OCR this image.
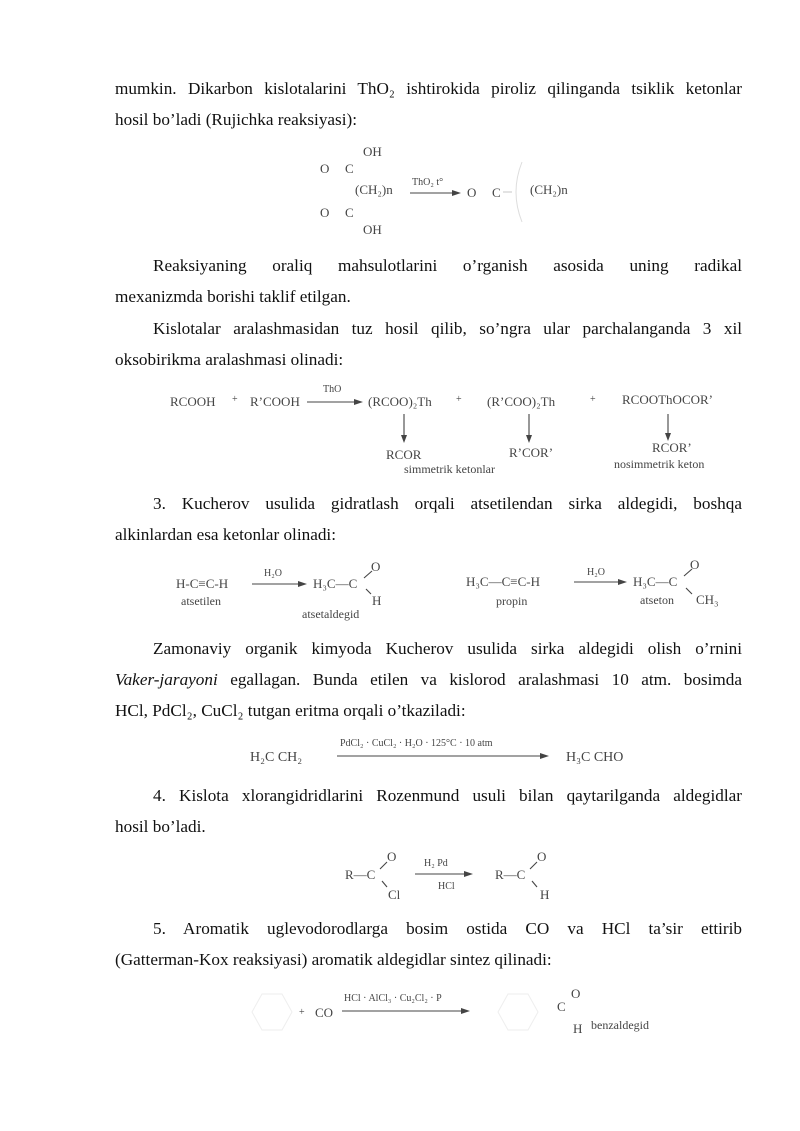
mumkin. Dikarbon kislotalarini ThO₂ ishtirokida piroliz qilinganda tsiklik ketonlar

hosil bo’ladi (Rujichka reaksiyasi):

OH
O C
(CH₂)n
O C
OH
ThO₂ t°
O C (CH₂)n

Reaksiyaning oraliq mahsulotlarini o’rganish asosida uning radikal

mexanizmda borishi taklif etilgan.

Kislotalar aralashmasidan tuz hosil qilib, so’ngra ular parchalanganda 3 xil

oksobirikma aralashmasi olinadi:

RCOOH + R’COOH
ThO
(RCOO)₂Th + (R’COO)₂Th	+ RCOOThOCOR’
RCOR	R’COR’	RCOR’
simmetrik ketonlar	nosimmetrik keton

3. Kucherov usulida gidratlash orqali atsetilendan sirka aldegidi, boshqa

alkinlardan esa ketonlar olinadi:

H-C≡C-H
atsetilen
H₂O
H₃C—C
O
H
atsetaldegid
H₃C—C≡C-H
propin
H₂O
H₃C—C
O
CH₃
atseton

Zamonaviy organik kimyoda Kucherov usulida sirka aldegidi olish o’rnini

Vaker-jarayoni egallagan. Bunda etilen va kislorod aralashmasi 10 atm. bosimda

HCl, PdCl₂, CuCl₂ tutgan eritma orqali o’tkaziladi:

H₂C CH₂
PdCl₂ · CuCl₂ · H₂O · 125°C · 10 atm
H₃C CHO

4. Kislota xlorangidridlarini Rozenmund usuli bilan qaytarilganda aldegidlar

hosil bo’ladi.

R—C
O
Cl
H₂ Pd
HCl
R—C
O
H

5. Aromatik uglevodorodlarga bosim ostida CO va HCl ta’sir ettirib

(Gatterman-Kox reaksiyasi) aromatik aldegidlar sintez qilinadi:

+ CO
HCl · AlCl₃ · Cu₂Cl₂ · P
C
O
H benzaldegid
